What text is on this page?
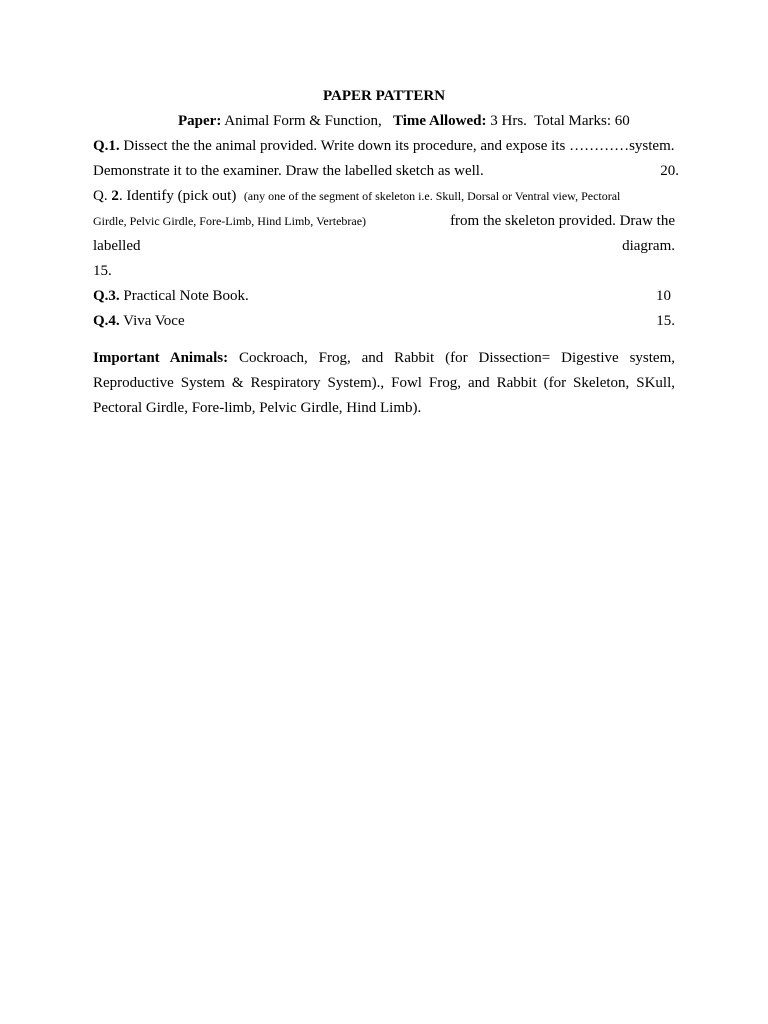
PAPER PATTERN
Paper: Animal Form & Function, Time Allowed: 3 Hrs. Total Marks: 60
Q.1. Dissect the the animal provided. Write down its procedure, and expose its …………system.
Demonstrate it to the examiner. Draw the labelled sketch as well.	20.
Q. 2. Identify (pick out) (any one of the segment of skeleton i.e. Skull, Dorsal or Ventral view, Pectoral
Girdle, Pelvic Girdle, Fore-Limb, Hind Limb, Vertebrae)	from the skeleton provided. Draw the
labelled	diagram.
15.
Q.3. Practical Note Book.	10
Q.4. Viva Voce	15.
Important Animals: Cockroach, Frog, and Rabbit (for Dissection= Digestive system, Reproductive System & Respiratory System)., Fowl Frog, and Rabbit (for Skeleton, SKull, Pectoral Girdle, Fore-limb, Pelvic Girdle, Hind Limb).
